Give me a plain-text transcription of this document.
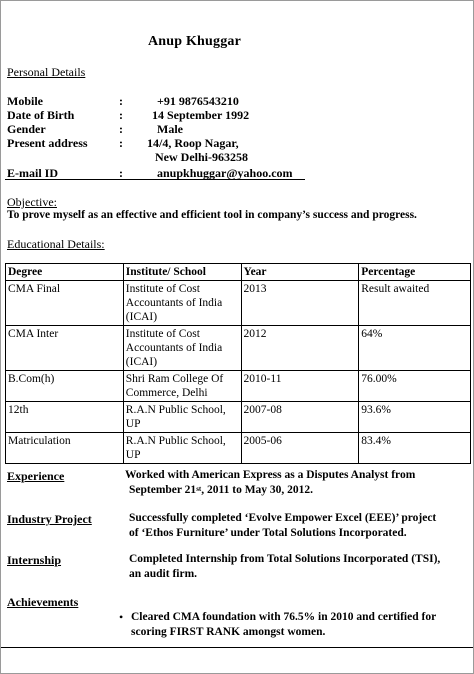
Anup Khuggar
Personal Details
Mobile	:	+91 9876543210
Date of Birth	: 14 September 1992
Gender	:	Male
Present address	: 14/4, Roop Nagar,
New Delhi-963258
E-mail ID	:	anupkhuggar@yahoo.com
Objective:
To prove myself as an effective and efficient tool in company’s success and progress.
Educational Details:
Degree	Institute/ School	Year	Percentage
CMA Final	Institute of Cost Accountants of India (ICAI)	2013	Result awaited
CMA Inter	Institute of Cost Accountants of India (ICAI)	2012	64%
B.Com(h)	Shri Ram College Of Commerce, Delhi	2010-11	76.00%
12th	R.A.N Public School, UP	2007-08	93.6%
Matriculation	R.A.N Public School, UP	2005-06	83.4%
Experience	Worked with American Express as a Disputes Analyst from
September 21st, 2011 to May 30, 2012.
Industry Project	Successfully completed ‘Evolve Empower Excel (EEE)’ project
of ‘Ethos Furniture’ under Total Solutions Incorporated.
Internship	Completed Internship from Total Solutions Incorporated (TSI),
an audit firm.
Achievements
• Cleared CMA foundation with 76.5% in 2010 and certified for
scoring FIRST RANK amongst women.
